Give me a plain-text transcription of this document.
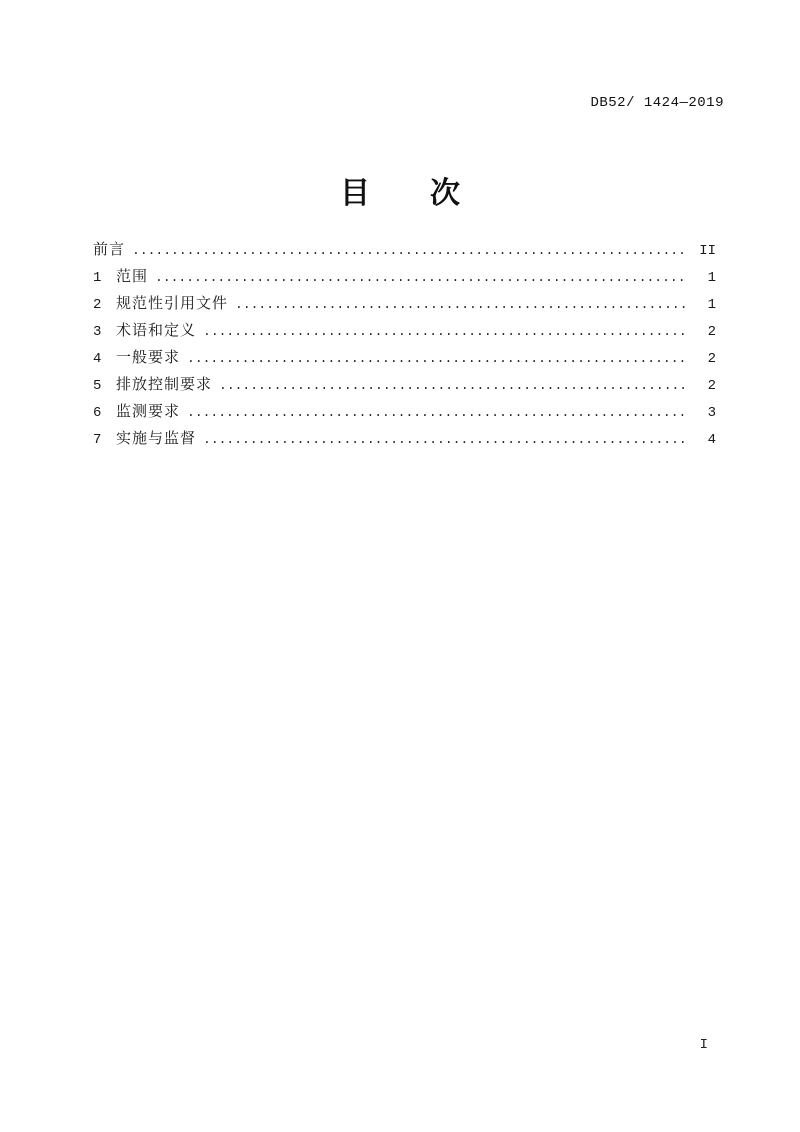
DB52/ 1424—2019
目　　次
前言 .....	II
1 范围 .....	1
2 规范性引用文件 .....	1
3 术语和定义 .....	2
4 一般要求 .....	2
5 排放控制要求 .....	2
6 监测要求 .....	3
7 实施与监督 .....	4
I
